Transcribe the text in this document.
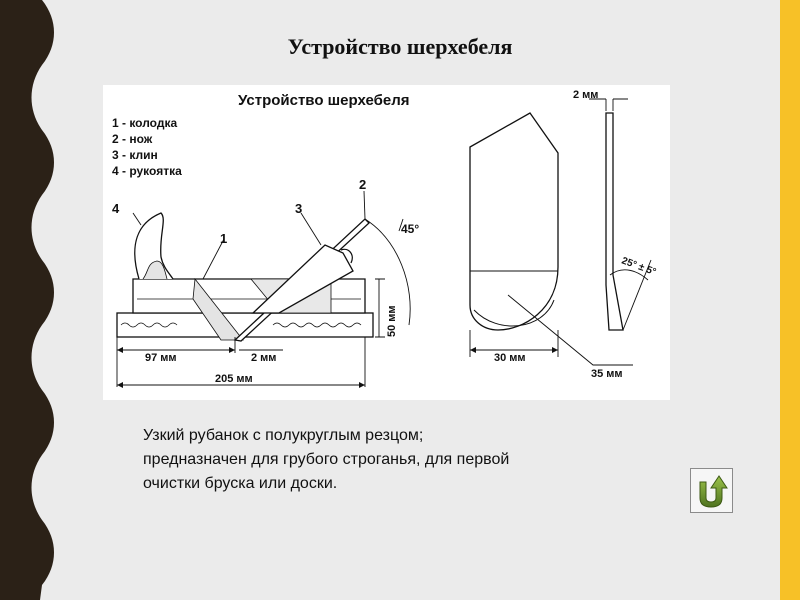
Устройство шерхебеля
Устройство шерхебеля
1 - колодка
2 - нож
3 - клин
4 - рукоятка
4
1
3
2
45°
50 мм
97 мм	2 мм
205 мм
30 мм
35 мм
2 мм
25° ± 5°
Узкий рубанок с полукруглым резцом;
предназначен для грубого строганья, для первой
очистки бруска или доски.
